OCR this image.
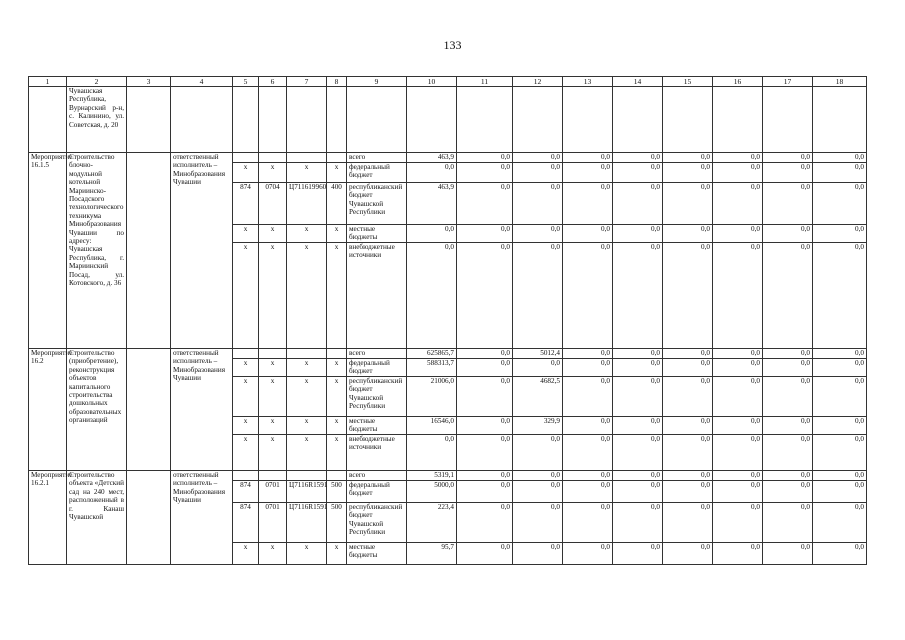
133
1	2	3	4	5	6	7	8	9	10	11	12	13	14	15	16	17	18
	Чувашская Республика, Вурнарский р-н, с. Калинино, ул. Советская, д. 20																
Мероприятие 16.1.5	Строительство блочно-модульной котельной Мариинско-Посадского технологического техникума Минобразования Чувашии по адресу: Чувашская Республика, г. Мариинский Посад, ул. Котовского, д. 36		ответственный исполнитель – Минобразования Чувашии					всего	463,9	0,0	0,0	0,0	0,0	0,0	0,0	0,0	0,0
				х	х	х	х	федеральный бюджет	0,0	0,0	0,0	0,0	0,0	0,0	0,0	0,0	0,0
				874	0704	Ц711619960	400	республиканский бюджет Чувашской Республики	463,9	0,0	0,0	0,0	0,0	0,0	0,0	0,0	0,0
				х	х	х	х	местные бюджеты	0,0	0,0	0,0	0,0	0,0	0,0	0,0	0,0	0,0
				х	х	х	х	внебюджетные источники	0,0	0,0	0,0	0,0	0,0	0,0	0,0	0,0	0,0
Мероприятие 16.2	Строительство (приобретение), реконструкция объектов капитального строительства дошкольных образовательных организаций		ответственный исполнитель – Минобразования Чувашии					всего	625865,7	0,0	5012,4	0,0	0,0	0,0	0,0	0,0	0,0
				х	х	х	х	федеральный бюджет	588313,7	0,0	0,0	0,0	0,0	0,0	0,0	0,0	0,0
				х	х	х	х	республиканский бюджет Чувашской Республики	21006,0	0,0	4682,5	0,0	0,0	0,0	0,0	0,0	0,0
				х	х	х	х	местные бюджеты	16546,0	0,0	329,9	0,0	0,0	0,0	0,0	0,0	0,0
				х	х	х	х	внебюджетные источники	0,0	0,0	0,0	0,0	0,0	0,0	0,0	0,0	0,0
Мероприятие 16.2.1	Строительство объекта «Детский сад на 240 мест, расположенный в г. Канаш Чувашской		ответственный исполнитель – Минобразования Чувашии					всего	5319,1	0,0	0,0	0,0	0,0	0,0	0,0	0,0	0,0
				874	0701	Ц7116R1591	500	федеральный бюджет	5000,0	0,0	0,0	0,0	0,0	0,0	0,0	0,0	0,0
				874	0701	Ц7116R1591	500	республиканский бюджет Чувашской Республики	223,4	0,0	0,0	0,0	0,0	0,0	0,0	0,0	0,0
				х	х	х	х	местные бюджеты	95,7	0,0	0,0	0,0	0,0	0,0	0,0	0,0	0,0
